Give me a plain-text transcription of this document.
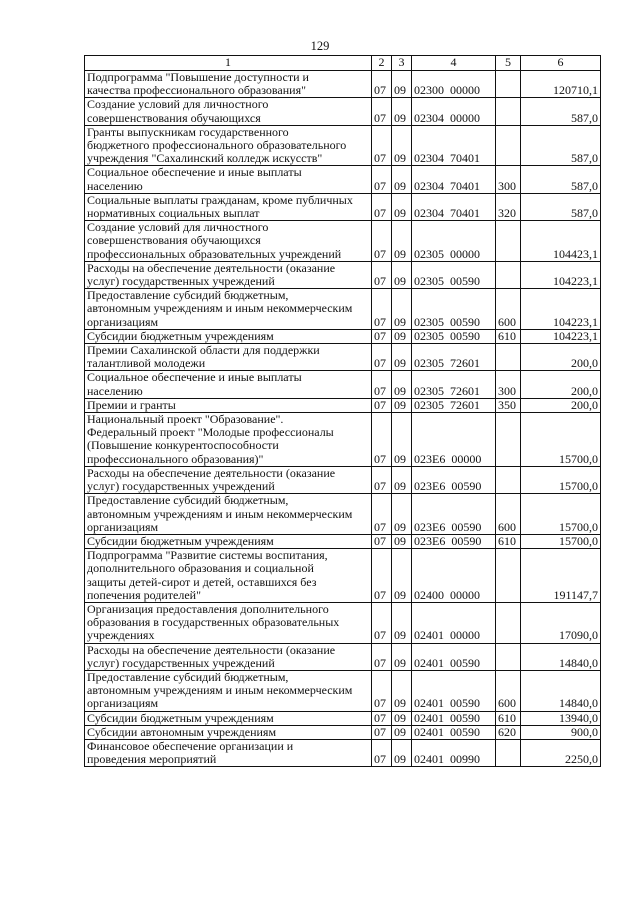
129
1	2	3	4	5	6
Подпрограмма "Повышение доступности и
качества профессионального образования"	07	09	02300  00000		120710,1
Создание условий для личностного
совершенствования обучающихся	07	09	02304  00000		587,0
Гранты выпускникам государственного
бюджетного профессионального образовательного
учреждения "Сахалинский колледж искусств"	07	09	02304  70401		587,0
Социальное обеспечение и иные выплаты
населению	07	09	02304  70401	300	587,0
Социальные выплаты гражданам, кроме публичных
нормативных социальных выплат	07	09	02304  70401	320	587,0
Создание условий для личностного
совершенствования обучающихся
профессиональных образовательных учреждений	07	09	02305  00000		104423,1
Расходы на обеспечение деятельности (оказание
услуг) государственных учреждений	07	09	02305  00590		104223,1
Предоставление субсидий бюджетным,
автономным учреждениям и иным некоммерческим
организациям	07	09	02305  00590	600	104223,1
Субсидии бюджетным учреждениям	07	09	02305  00590	610	104223,1
Премии Сахалинской области для поддержки
талантливой молодежи	07	09	02305  72601		200,0
Социальное обеспечение и иные выплаты
населению	07	09	02305  72601	300	200,0
Премии и гранты	07	09	02305  72601	350	200,0
Национальный проект "Образование".
Федеральный проект "Молодые профессионалы
(Повышение конкурентоспособности
профессионального образования)"	07	09	023E6  00000		15700,0
Расходы на обеспечение деятельности (оказание
услуг) государственных учреждений	07	09	023E6  00590		15700,0
Предоставление субсидий бюджетным,
автономным учреждениям и иным некоммерческим
организациям	07	09	023E6  00590	600	15700,0
Субсидии бюджетным учреждениям	07	09	023E6  00590	610	15700,0
Подпрограмма "Развитие системы воспитания,
дополнительного образования и социальной
защиты детей-сирот и детей, оставшихся без
попечения родителей"	07	09	02400  00000		191147,7
Организация предоставления дополнительного
образования в государственных образовательных
учреждениях	07	09	02401  00000		17090,0
Расходы на обеспечение деятельности (оказание
услуг) государственных учреждений	07	09	02401  00590		14840,0
Предоставление субсидий бюджетным,
автономным учреждениям и иным некоммерческим
организациям	07	09	02401  00590	600	14840,0
Субсидии бюджетным учреждениям	07	09	02401  00590	610	13940,0
Субсидии автономным учреждениям	07	09	02401  00590	620	900,0
Финансовое обеспечение организации и
проведения мероприятий	07	09	02401  00990		2250,0
